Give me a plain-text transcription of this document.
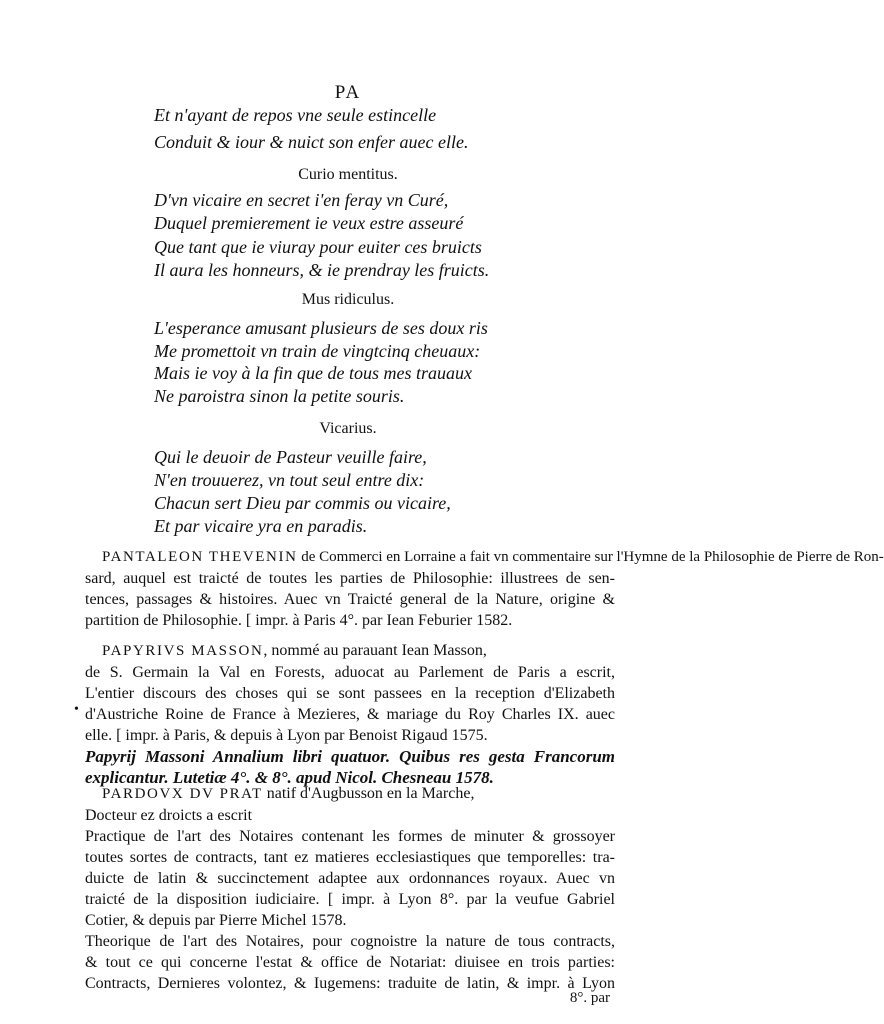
PA
Et n'ayant de repos vne seule estincelle
Conduit & iour & nuict son enfer auec elle.
Curio mentitus.
D'vn vicaire en secret i'en feray vn Curé,
Duquel premierement ie veux estre asseuré
Que tant que ie viuray pour euiter ces bruicts
Il aura les honneurs, & ie prendray les fruicts.
Mus ridiculus.
L'esperance amusant plusieurs de ses doux ris
Me promettoit vn train de vingtcinq cheuaux:
Mais ie voy à la fin que de tous mes trauaux
Ne paroistra sinon la petite souris.
Vicarius.
Qui le deuoir de Pasteur veuille faire,
N'en trouuerez, vn tout seul entre dix:
Chacun sert Dieu par commis ou vicaire,
Et par vicaire yra en paradis.
PANTALEON THEVENIN de Commerci en Lorraine a fait vn commentaire sur l'Hymne de la Philosophie de Pierre de Ron-
sard, auquel est traicté de toutes les parties de Philosophie: illustrees de sen-
tences, passages & histoires. Auec vn Traicté general de la Nature, origine &
partition de Philosophie. [ impr. à Paris 4°. par Iean Feburier 1582.
PAPYRIVS MASSON, nommé au parauant Iean Masson,
de S. Germain la Val en Forests, aduocat au Parlement de Paris a escrit,
L'entier discours des choses qui se sont passees en la reception d'Elizabeth
d'Austriche Roine de France à Mezieres, & mariage du Roy Charles IX. auec
elle. [ impr. à Paris, & depuis à Lyon par Benoist Rigaud 1575.
Papyrij Massoni Annalium libri quatuor. Quibus res gesta Francorum
explicantur. Lutetiæ 4°. & 8°. apud Nicol. Chesneau 1578.
•
PARDOVX DV PRAT natif d'Augbusson en la Marche,
Docteur ez droicts a escrit
Practique de l'art des Notaires contenant les formes de minuter & grossoyer
toutes sortes de contracts, tant ez matieres ecclesiastiques que temporelles: tra-
duicte de latin & succinctement adaptee aux ordonnances royaux. Auec vn
traicté de la disposition iudiciaire. [ impr. à Lyon 8°. par la veufue Gabriel
Cotier, & depuis par Pierre Michel 1578.
Theorique de l'art des Notaires, pour cognoistre la nature de tous contracts,
& tout ce qui concerne l'estat & office de Notariat: diuisee en trois parties:
Contracts, Dernieres volontez, & Iugemens: traduite de latin, & impr. à Lyon
8°. par
